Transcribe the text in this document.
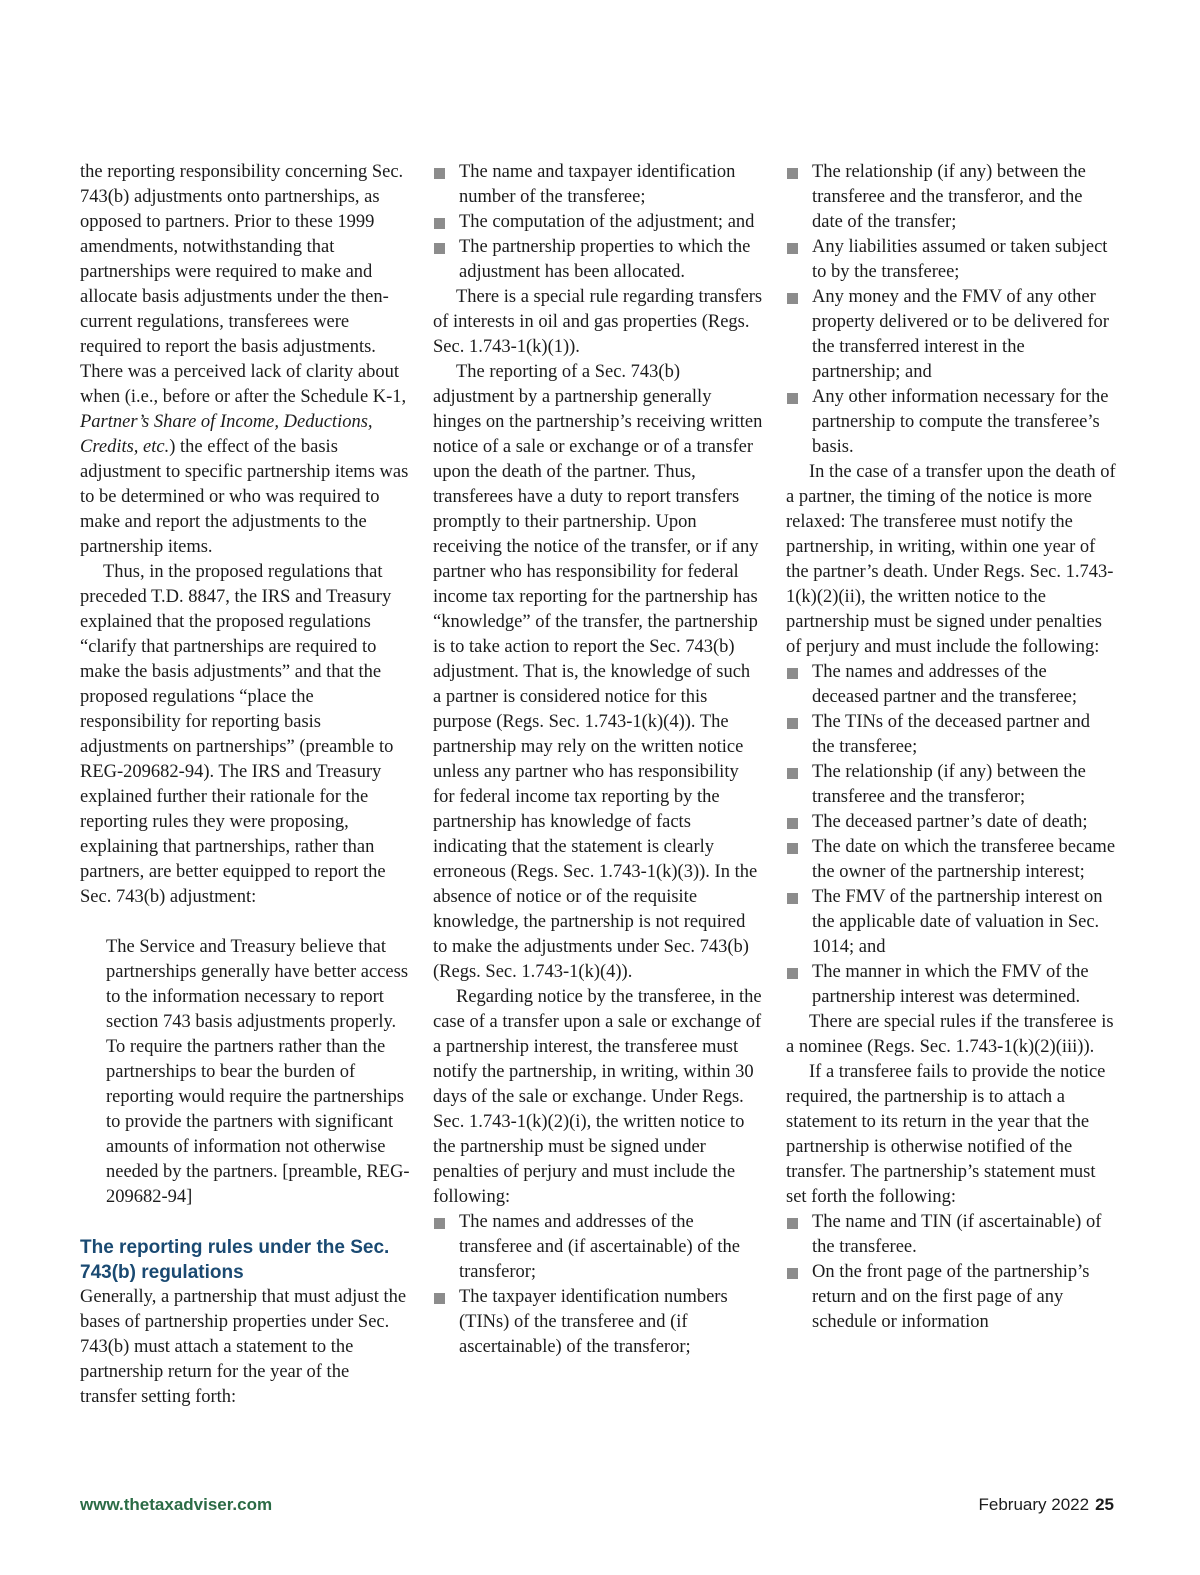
the reporting responsibility concerning Sec. 743(b) adjustments onto partnerships, as opposed to partners. Prior to these 1999 amendments, notwithstanding that partnerships were required to make and allocate basis adjustments under the then-current regulations, transferees were required to report the basis adjustments. There was a perceived lack of clarity about when (i.e., before or after the Schedule K-1, Partner’s Share of Income, Deductions, Credits, etc.) the effect of the basis adjustment to specific partnership items was to be determined or who was required to make and report the adjustments to the partnership items.

Thus, in the proposed regulations that preceded T.D. 8847, the IRS and Treasury explained that the proposed regulations “clarify that partnerships are required to make the basis adjustments” and that the proposed regulations “place the responsibility for reporting basis adjustments on partnerships” (preamble to REG-209682-94). The IRS and Treasury explained further their rationale for the reporting rules they were proposing, explaining that partnerships, rather than partners, are better equipped to report the Sec. 743(b) adjustment:

The Service and Treasury believe that partnerships generally have better access to the information necessary to report section 743 basis adjustments properly. To require the partners rather than the partnerships to bear the burden of reporting would require the partnerships to provide the partners with significant amounts of information not otherwise needed by the partners. [preamble, REG-209682-94]

The reporting rules under the Sec. 743(b) regulations

Generally, a partnership that must adjust the bases of partnership properties under Sec. 743(b) must attach a statement to the partnership return for the year of the transfer setting forth:

The name and taxpayer identification number of the transferee;
The computation of the adjustment; and
The partnership properties to which the adjustment has been allocated.

There is a special rule regarding transfers of interests in oil and gas properties (Regs. Sec. 1.743-1(k)(1)).

The reporting of a Sec. 743(b) adjustment by a partnership generally hinges on the partnership’s receiving written notice of a sale or exchange or of a transfer upon the death of the partner. Thus, transferees have a duty to report transfers promptly to their partnership. Upon receiving the notice of the transfer, or if any partner who has responsibility for federal income tax reporting for the partnership has “knowledge” of the transfer, the partnership is to take action to report the Sec. 743(b) adjustment. That is, the knowledge of such a partner is considered notice for this purpose (Regs. Sec. 1.743-1(k)(4)). The partnership may rely on the written notice unless any partner who has responsibility for federal income tax reporting by the partnership has knowledge of facts indicating that the statement is clearly erroneous (Regs. Sec. 1.743-1(k)(3)). In the absence of notice or of the requisite knowledge, the partnership is not required to make the adjustments under Sec. 743(b) (Regs. Sec. 1.743-1(k)(4)).

Regarding notice by the transferee, in the case of a transfer upon a sale or exchange of a partnership interest, the transferee must notify the partnership, in writing, within 30 days of the sale or exchange. Under Regs. Sec. 1.743-1(k)(2)(i), the written notice to the partnership must be signed under penalties of perjury and must include the following:

The names and addresses of the transferee and (if ascertainable) of the transferor;
The taxpayer identification numbers (TINs) of the transferee and (if ascertainable) of the transferor;
The relationship (if any) between the transferee and the transferor, and the date of the transfer;
Any liabilities assumed or taken subject to by the transferee;
Any money and the FMV of any other property delivered or to be delivered for the transferred interest in the partnership; and
Any other information necessary for the partnership to compute the transferee’s basis.

In the case of a transfer upon the death of a partner, the timing of the notice is more relaxed: The transferee must notify the partnership, in writing, within one year of the partner’s death. Under Regs. Sec. 1.743-1(k)(2)(ii), the written notice to the partnership must be signed under penalties of perjury and must include the following:

The names and addresses of the deceased partner and the transferee;
The TINs of the deceased partner and the transferee;
The relationship (if any) between the transferee and the transferor;
The deceased partner’s date of death;
The date on which the transferee became the owner of the partnership interest;
The FMV of the partnership interest on the applicable date of valuation in Sec. 1014; and
The manner in which the FMV of the partnership interest was determined.

There are special rules if the transferee is a nominee (Regs. Sec. 1.743-1(k)(2)(iii)).

If a transferee fails to provide the notice required, the partnership is to attach a statement to its return in the year that the partnership is otherwise notified of the transfer. The partnership’s statement must set forth the following:

The name and TIN (if ascertainable) of the transferee.
On the front page of the partnership’s return and on the first page of any schedule or information
www.thetaxadviser.com	February 2022 25
